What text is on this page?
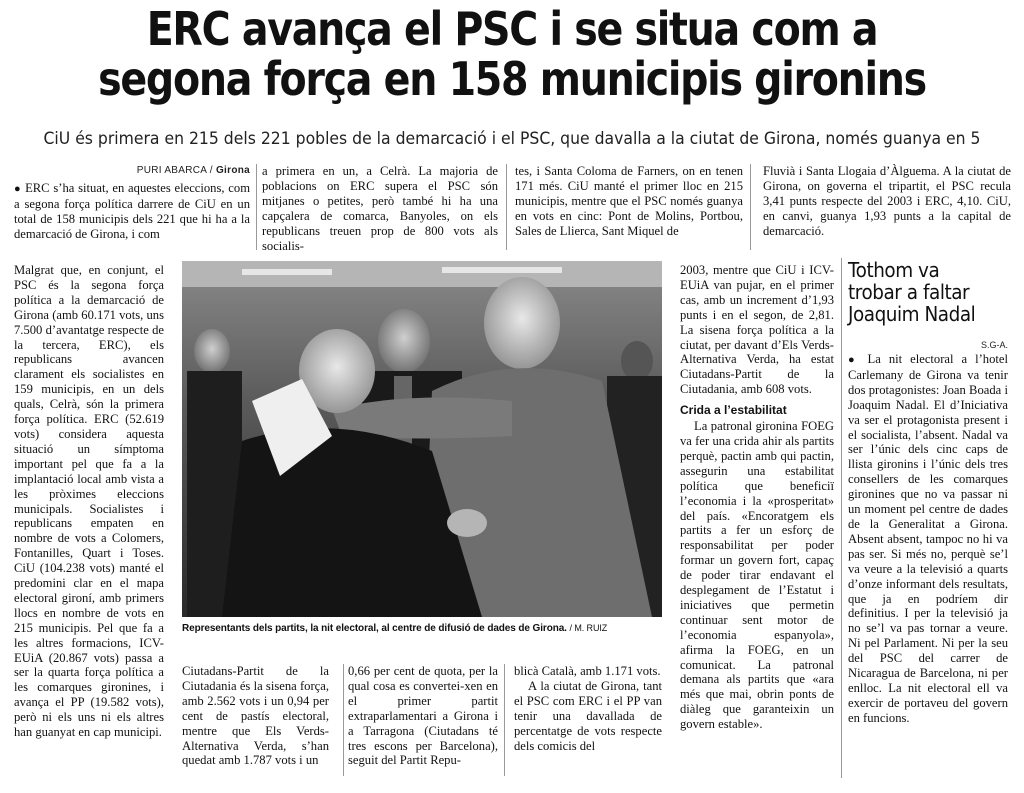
ERC avança el PSC i se situa com a
segona força en 158 municipis gironins
CiU és primera en 215 dels 221 pobles de la demarcació i el PSC, que davalla a la ciutat de Girona, només guanya en 5
PURI ABARCA / Girona

● ERC s’ha situat, en aquestes eleccions, com a segona força política darrere de CiU en un total de 158 municipis dels 221 que hi ha a la demarcació de Girona, i com

a primera en un, a Celrà. La majoria de poblacions on ERC supera el PSC són mitjanes o petites, però també hi ha una capçalera de comarca, Banyoles, on els republicans treuen prop de 800 vots als socialis-

tes, i Santa Coloma de Farners, on en tenen 171 més. CiU manté el primer lloc en 215 municipis, mentre que el PSC només guanya en vots en cinc: Pont de Molins, Portbou, Sales de Llierca, Sant Miquel de

Fluvià i Santa Llogaia d’Àlguema. A la ciutat de Girona, on governa el tripartit, el PSC recula 3,41 punts respecte del 2003 i ERC, 4,10. CiU, en canvi, guanya 1,93 punts a la capital de demarcació.

Malgrat que, en conjunt, el PSC és la segona força política a la demarcació de Girona (amb 60.171 vots, uns 7.500 d’avantatge respecte de la tercera, ERC), els republicans avancen clarament els socialistes en 159 municipis, en un dels quals, Celrà, són la primera força política. ERC (52.619 vots) considera aquesta situació un símptoma important pel que fa a la implantació local amb vista a les pròximes eleccions municipals. Socialistes i republicans empaten en nombre de vots a Colomers, Fontanilles, Quart i Toses. CiU (104.238 vots) manté el predomini clar en el mapa electoral gironí, amb primers llocs en nombre de vots en 215 municipis. Pel que fa a les altres formacions, ICV-EUiA (20.867 vots) passa a ser la quarta força política a les comarques gironines, i avança el PP (19.582 vots), però ni els uns ni els altres han guanyat en cap municipi.

Representants dels partits, la nit electoral, al centre de difusió de dades de Girona. / M. RUIZ

Ciutadans-Partit de la Ciutadania és la sisena força, amb 2.562 vots i un 0,94 per cent de pastís electoral, mentre que Els Verds-Alternativa Verda, s’han quedat amb 1.787 vots i un

0,66 per cent de quota, per la qual cosa es convertei-xen en el primer partit extraparlamentari a Girona i a Tarragona (Ciutadans té tres escons per Barcelona), seguit del Partit Repu-

blicà Català, amb 1.171 vots.

A la ciutat de Girona, tant el PSC com ERC i el PP van tenir una davallada de percentatge de vots respecte dels comicis del

2003, mentre que CiU i ICV-EUiA van pujar, en el primer cas, amb un increment d’1,93 punts i en el segon, de 2,81. La sisena força política a la ciutat, per davant d’Els Verds-Alternativa Verda, ha estat Ciutadans-Partit de la Ciutadania, amb 608 vots.

Crida a l’estabilitat

La patronal gironina FOEG va fer una crida ahir als partits perquè, pactin amb qui pactin, assegurin una estabilitat política que beneficiï l’economia i la «prosperitat» del país. «Encoratgem els partits a fer un esforç de responsabilitat per poder formar un govern fort, capaç de poder tirar endavant el desplegament de l’Estatut i iniciatives que permetin continuar sent motor de l’economia espanyola», afirma la FOEG, en un comunicat. La patronal demana als partits que «ara més que mai, obrin ponts de diàleg que garanteixin un govern estable».

Tothom va trobar a faltar Joaquim Nadal
S.G-A.

● La nit electoral a l’hotel Carlemany de Girona va tenir dos protagonistes: Joan Boada i Joaquim Nadal. El d’Iniciativa va ser el protagonista present i el socialista, l’absent. Nadal va ser l’únic dels cinc caps de llista gironins i l’únic dels tres consellers de les comarques gironines que no va passar ni un moment pel centre de dades de la Generalitat a Girona. Absent absent, tampoc no hi va pas ser. Si més no, perquè se’l va veure a la televisió a quarts d’onze informant dels resultats, que ja en podríem dir definitius. I per la televisió ja no se’l va pas tornar a veure. Ni pel Parlament. Ni per la seu del PSC del carrer de Nicaragua de Barcelona, ni per enlloc. La nit electoral ell va exercir de portaveu del govern en funcions.
